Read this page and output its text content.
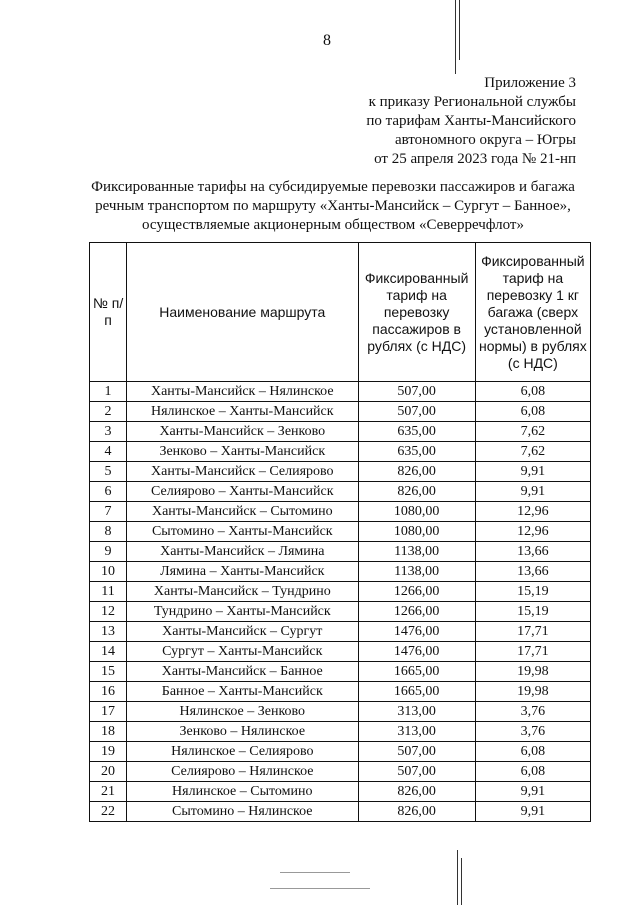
8
Приложение 3
к приказу Региональной службы
по тарифам Ханты-Мансийского
автономного округа – Югры
от 25 апреля 2023 года № 21-нп
Фиксированные тарифы на субсидируемые перевозки пассажиров и багажа
речным транспортом по маршруту «Ханты-Мансийск – Сургут – Банное»,
осуществляемые акционерным обществом «Северречфлот»
№ п/п	Наименование маршрута	Фиксированный тариф на перевозку пассажиров в рублях (с НДС)	Фиксированный тариф на перевозку 1 кг багажа (сверх установленной нормы) в рублях (с НДС)
1	Ханты-Мансийск – Нялинское	507,00	6,08
2	Нялинское – Ханты-Мансийск	507,00	6,08
3	Ханты-Мансийск – Зенково	635,00	7,62
4	Зенково – Ханты-Мансийск	635,00	7,62
5	Ханты-Мансийск – Селиярово	826,00	9,91
6	Селиярово – Ханты-Мансийск	826,00	9,91
7	Ханты-Мансийск – Сытомино	1080,00	12,96
8	Сытомино – Ханты-Мансийск	1080,00	12,96
9	Ханты-Мансийск – Лямина	1138,00	13,66
10	Лямина – Ханты-Мансийск	1138,00	13,66
11	Ханты-Мансийск – Тундрино	1266,00	15,19
12	Тундрино – Ханты-Мансийск	1266,00	15,19
13	Ханты-Мансийск – Сургут	1476,00	17,71
14	Сургут – Ханты-Мансийск	1476,00	17,71
15	Ханты-Мансийск – Банное	1665,00	19,98
16	Банное – Ханты-Мансийск	1665,00	19,98
17	Нялинское – Зенково	313,00	3,76
18	Зенково – Нялинское	313,00	3,76
19	Нялинское – Селиярово	507,00	6,08
20	Селиярово – Нялинское	507,00	6,08
21	Нялинское – Сытомино	826,00	9,91
22	Сытомино – Нялинское	826,00	9,91
